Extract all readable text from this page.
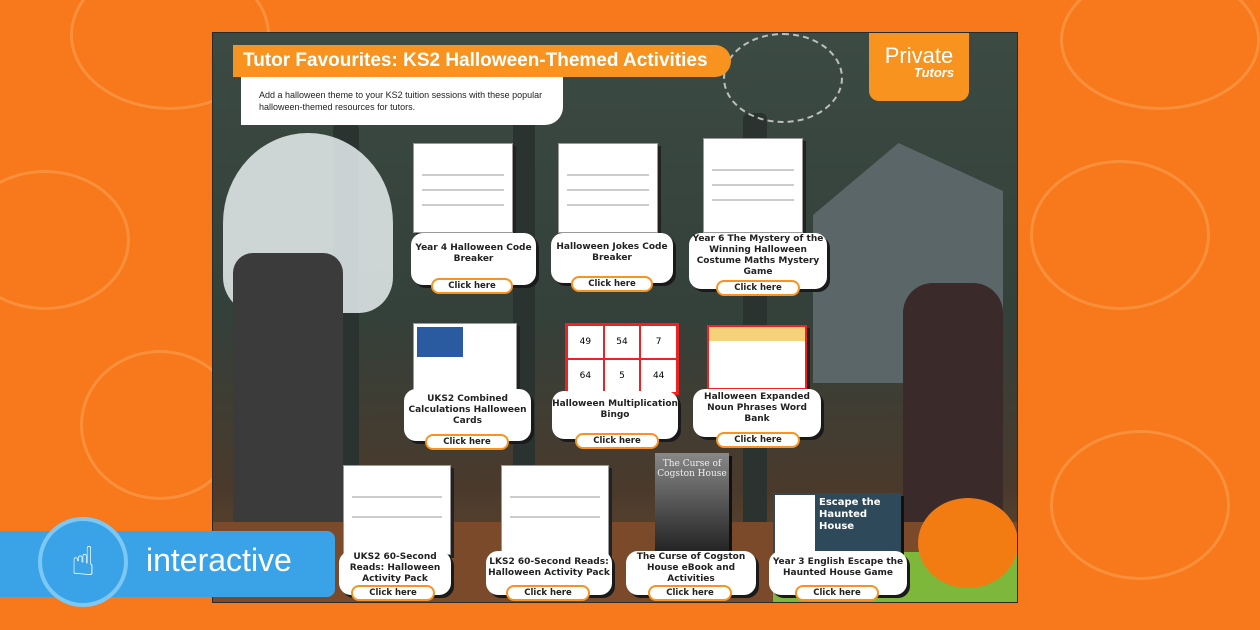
Tutor Favourites: KS2 Halloween-Themed Activities
Add a halloween theme to your KS2 tuition sessions with these popular halloween-themed resources for tutors.
Private
Tutors
49	54	7
64	5	44
The Curse of Cogston House
Escape the Haunted House
Year 4 Halloween Code Breaker
Click here
Halloween Jokes Code Breaker
Click here
Year 6 The Mystery of the Winning Halloween Costume Maths Mystery Game
Click here
UKS2 Combined Calculations Halloween Cards
Click here
Halloween Multiplication Bingo
Click here
Halloween Expanded Noun Phrases Word Bank
Click here
UKS2 60-Second Reads: Halloween Activity Pack
Click here
LKS2 60-Second Reads: Halloween Activity Pack
Click here
The Curse of Cogston House eBook and Activities
Click here
Year 3 English Escape the Haunted House Game
Click here
☝	interactive
